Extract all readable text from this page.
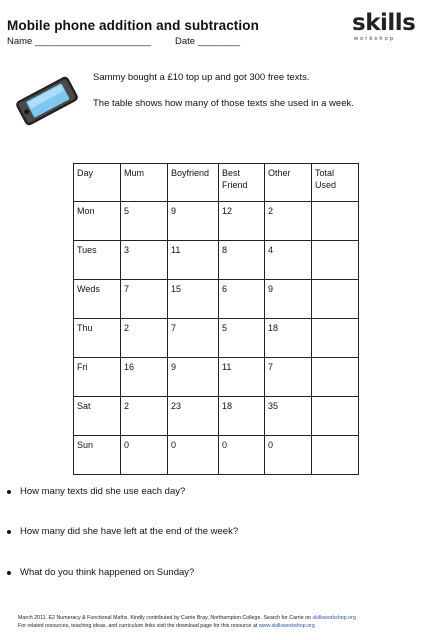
Mobile phone addition and subtraction
Name ______________________	Date ________
skills
workshop
Sammy bought a £10 top up and got 300 free texts.
The table shows how many of those texts she used in a week.
Day	Mum	Boyfriend	Best Friend	Other	Total Used
Mon	5	9	12	2	
Tues	3	11	8	4	
Weds	7	15	6	9	
Thu	2	7	5	18	
Fri	16	9	11	7	
Sat	2	23	18	35	
Sun	0	0	0	0	
How many texts did she use each day?
How many did she have left at the end of the week?
What do you think happened on Sunday?
March 2011. E2 Numeracy & Functional Maths. Kindly contributed by Carrie Bray, Northampton College. Search for Carrie on skillsworkshop.org
For related resources, teaching ideas, and curriculum links visit the download page for this resource at www.skillsworkshop.org
